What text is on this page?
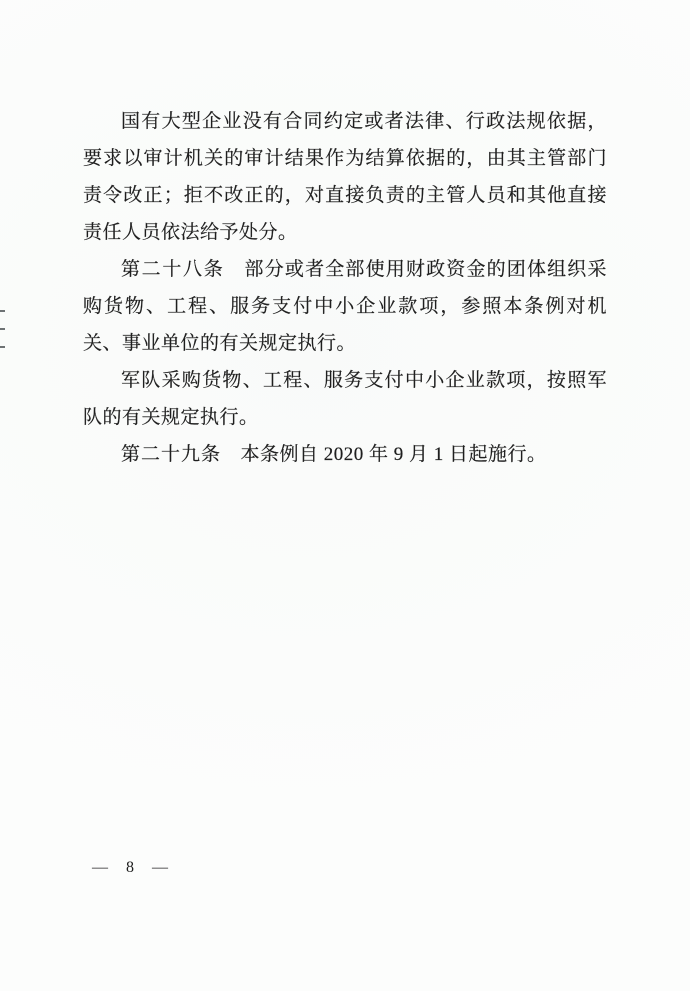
国有大型企业没有合同约定或者法律、行政法规依据，要求以审计机关的审计结果作为结算依据的，由其主管部门责令改正；拒不改正的，对直接负责的主管人员和其他直接责任人员依法给予处分。

第二十八条　部分或者全部使用财政资金的团体组织采购货物、工程、服务支付中小企业款项，参照本条例对机关、事业单位的有关规定执行。

军队采购货物、工程、服务支付中小企业款项，按照军队的有关规定执行。

第二十九条　本条例自 2020 年 9 月 1 日起施行。

— 8 —
